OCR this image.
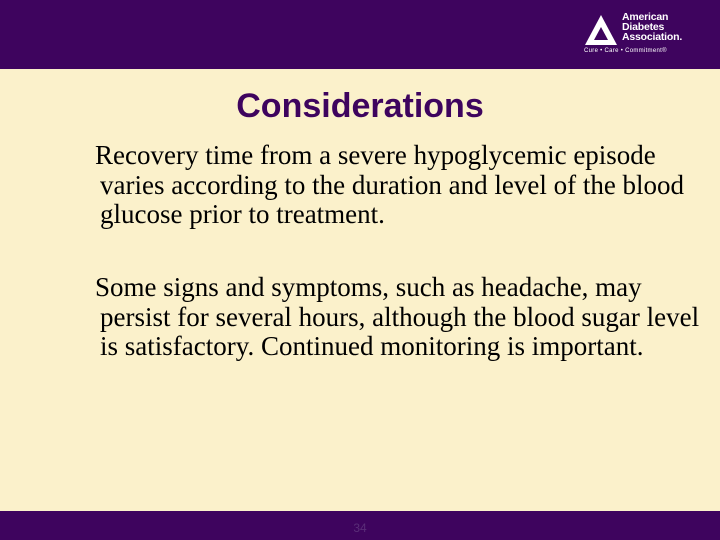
American
Diabetes
Association.
Cure • Care • Commitment®
Considerations
Recovery time from a severe hypoglycemic episode varies according to the duration and level of the blood glucose prior to treatment.
Some signs and symptoms, such as headache, may persist for several hours, although the blood sugar level is satisfactory. Continued monitoring is important.
34
